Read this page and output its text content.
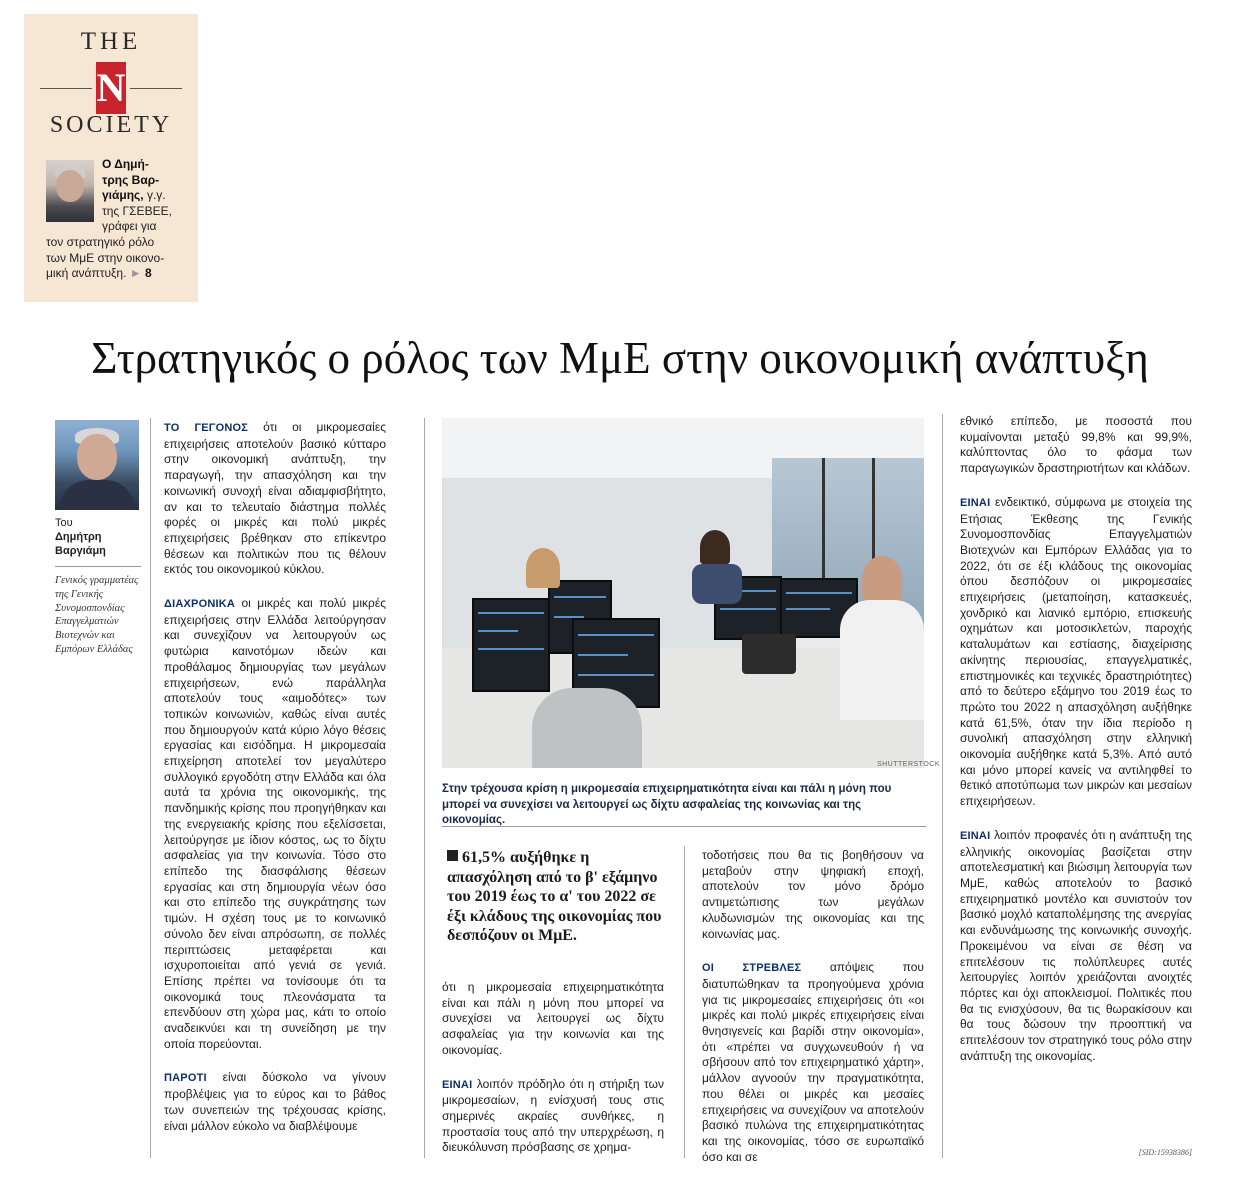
THE
N
SOCIETY
Ο Δημή-
τρης Βαρ-
γιάμης, γ.γ.
της ΓΣΕΒΕΕ,
γράφει για
τον στρατηγικό ρόλο
των ΜμΕ στην οικονο-
μική ανάπτυξη. ► 8
Στρατηγικός ο ρόλος των ΜμΕ στην οικονομική ανάπτυξη
Του
Δημήτρη
Βαργιάμη
Γενικός γραμματέας της Γενικής Συνομοσπονδίας Επαγγελματιών Βιοτεχνών και Εμπόρων Ελλάδας

ΤΟ ΓΕΓΟΝΟΣ ότι οι μικρομεσαίες επιχειρήσεις αποτελούν βασικό κύτταρο στην οικονομική ανάπτυξη, την παραγωγή, την απασχόληση και την κοινωνική συνοχή είναι αδιαμφισβήτητο, αν και το τελευταίο διάστημα πολλές φορές οι μικρές και πολύ μικρές επιχειρήσεις βρέθηκαν στο επίκεντρο θέσεων και πολιτικών που τις θέλουν εκτός του οικονομικού κύκλου.

ΔΙΑΧΡΟΝΙΚΑ οι μικρές και πολύ μικρές επιχειρήσεις στην Ελλάδα λειτούργησαν και συνεχίζουν να λειτουργούν ως φυτώρια καινοτόμων ιδεών και προθάλαμος δημιουργίας των μεγάλων επιχειρήσεων, ενώ παράλληλα αποτελούν τους «αιμοδότες» των τοπικών κοινωνιών, καθώς είναι αυτές που δημιουργούν κατά κύριο λόγο θέσεις εργασίας και εισόδημα. Η μικρομεσαία επιχείρηση αποτελεί τον μεγαλύτερο συλλογικό εργοδότη στην Ελλάδα και όλα αυτά τα χρόνια της οικονομικής, της πανδημικής κρίσης που προηγήθηκαν και της ενεργειακής κρίσης που εξελίσσεται, λειτούργησε με ίδιον κόστος, ως το δίχτυ ασφαλείας για την κοινωνία. Τόσο στο επίπεδο της διασφάλισης θέσεων εργασίας και στη δημιουργία νέων όσο και στο επίπεδο της συγκράτησης των τιμών. Η σχέση τους με το κοινωνικό σύνολο δεν είναι απρόσωπη, σε πολλές περιπτώσεις μεταφέρεται και ισχυροποιείται από γενιά σε γενιά. Επίσης πρέπει να τονίσουμε ότι τα οικονομικά τους πλεονάσματα τα επενδύουν στη χώρα μας, κάτι το οποίο αναδεικνύει και τη συνείδηση με την οποία πορεύονται.

ΠΑΡΟΤΙ είναι δύσκολο να γίνουν προβλέψεις για το εύρος και το βάθος των συνεπειών της τρέχουσας κρίσης, είναι μάλλον εύκολο να διαβλέψουμε

SHUTTERSTOCK
Στην τρέχουσα κρίση η μικρομεσαία επιχειρηματικότητα είναι και πάλι η μόνη που μπορεί να συνεχίσει να λειτουργεί ως δίχτυ ασφαλείας της κοινωνίας και της οικονομίας.
61,5% αυξήθηκε η απασχόληση από το β' εξάμηνο του 2019 έως το α' του 2022 σε έξι κλάδους της οικονομίας που δεσπόζουν οι ΜμΕ.

ότι η μικρομεσαία επιχειρηματικότητα είναι και πάλι η μόνη που μπορεί να συνεχίσει να λειτουργεί ως δίχτυ ασφαλείας για την κοινωνία και της οικονομίας.

ΕΙΝΑΙ λοιπόν πρόδηλο ότι η στήριξη των μικρομεσαίων, η ενίσχυσή τους στις σημερινές ακραίες συνθήκες, η προστασία τους από την υπερχρέωση, η διευκόλυνση πρόσβασης σε χρημα-

τοδοτήσεις που θα τις βοηθήσουν να μεταβούν στην ψηφιακή εποχή, αποτελούν τον μόνο δρόμο αντιμετώπισης των μεγάλων κλυδωνισμών της οικονομίας και της κοινωνίας μας.

ΟΙ ΣΤΡΕΒΛΕΣ απόψεις που διατυπώθηκαν τα προηγούμενα χρόνια για τις μικρομεσαίες επιχειρήσεις ότι «οι μικρές και πολύ μικρές επιχειρήσεις είναι θνησιγενείς και βαρίδι στην οικονομία», ότι «πρέπει να συγχωνευθούν ή να σβήσουν από τον επιχειρηματικό χάρτη», μάλλον αγνοούν την πραγματικότητα, που θέλει οι μικρές και μεσαίες επιχειρήσεις να συνεχίζουν να αποτελούν βασικό πυλώνα της επιχειρηματικότητας και της οικονομίας, τόσο σε ευρωπαϊκό όσο και σε

εθνικό επίπεδο, με ποσοστά που κυμαίνονται μεταξύ 99,8% και 99,9%, καλύπτοντας όλο το φάσμα των παραγωγικών δραστηριοτήτων και κλάδων.

ΕΙΝΑΙ ενδεικτικό, σύμφωνα με στοιχεία της Ετήσιας Έκθεσης της Γενικής Συνομοσπονδίας Επαγγελματιών Βιοτεχνών και Εμπόρων Ελλάδας για το 2022, ότι σε έξι κλάδους της οικονομίας όπου δεσπόζουν οι μικρομεσαίες επιχειρήσεις (μεταποίηση, κατασκευές, χονδρικό και λιανικό εμπόριο, επισκευής οχημάτων και μοτοσικλετών, παροχής καταλυμάτων και εστίασης, διαχείρισης ακίνητης περιουσίας, επαγγελματικές, επιστημονικές και τεχνικές δραστηριότητες) από το δεύτερο εξάμηνο του 2019 έως το πρώτο του 2022 η απασχόληση αυξήθηκε κατά 61,5%, όταν την ίδια περίοδο η συνολική απασχόληση στην ελληνική οικονομία αυξήθηκε κατά 5,3%. Από αυτό και μόνο μπορεί κανείς να αντιληφθεί το θετικό αποτύπωμα των μικρών και μεσαίων επιχειρήσεων.

ΕΙΝΑΙ λοιπόν προφανές ότι η ανάπτυξη της ελληνικής οικονομίας βασίζεται στην αποτελεσματική και βιώσιμη λειτουργία των ΜμΕ, καθώς αποτελούν το βασικό επιχειρηματικό μοντέλο και συνιστούν τον βασικό μοχλό καταπολέμησης της ανεργίας και ενδυνάμωσης της κοινωνικής συνοχής. Προκειμένου να είναι σε θέση να επιτελέσουν τις πολύπλευρες αυτές λειτουργίες λοιπόν χρειάζονται ανοιχτές πόρτες και όχι αποκλεισμοί. Πολιτικές που θα τις ενισχύσουν, θα τις θωρακίσουν και θα τους δώσουν την προοπτική να επιτελέσουν τον στρατηγικό τους ρόλο στην ανάπτυξη της οικονομίας.

[SID:15938386]
